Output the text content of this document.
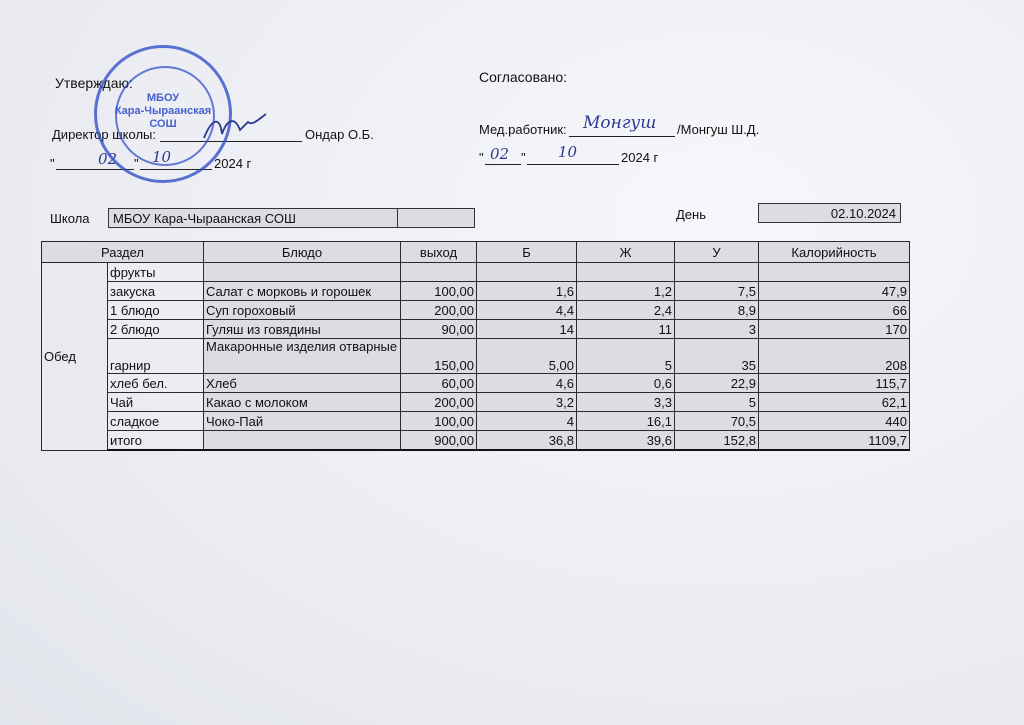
Утверждаю:
Директор школы:	Ондар О.Б.
"	02 " 10	2024 г
МБОУ
Кара-Чыраанская
СОШ
Согласовано:
Мед.работник: Монгуш /Монгуш Ш.Д.
" 02 " 10	2024 г
Школа	МБОУ Кара-Чыраанская СОШ	День	02.10.2024
Раздел		Блюдо	выход	Б	Ж	У	Калорийность
Обед	фрукты						
	закуска	Салат с морковь и горошек	100,00	1,6	1,2	7,5	47,9
	1 блюдо	Суп гороховый	200,00	4,4	2,4	8,9	66
	2 блюдо	Гуляш из говядины	90,00	14	11	3	170
	гарнир	Макаронные изделия отварные	150,00	5,00	5	35	208
	хлеб бел.	Хлеб	60,00	4,6	0,6	22,9	115,7
	Чай	Какао с молоком	200,00	3,2	3,3	5	62,1
	сладкое	Чоко-Пай	100,00	4	16,1	70,5	440
	итого		900,00	36,8	39,6	152,8	1109,7
